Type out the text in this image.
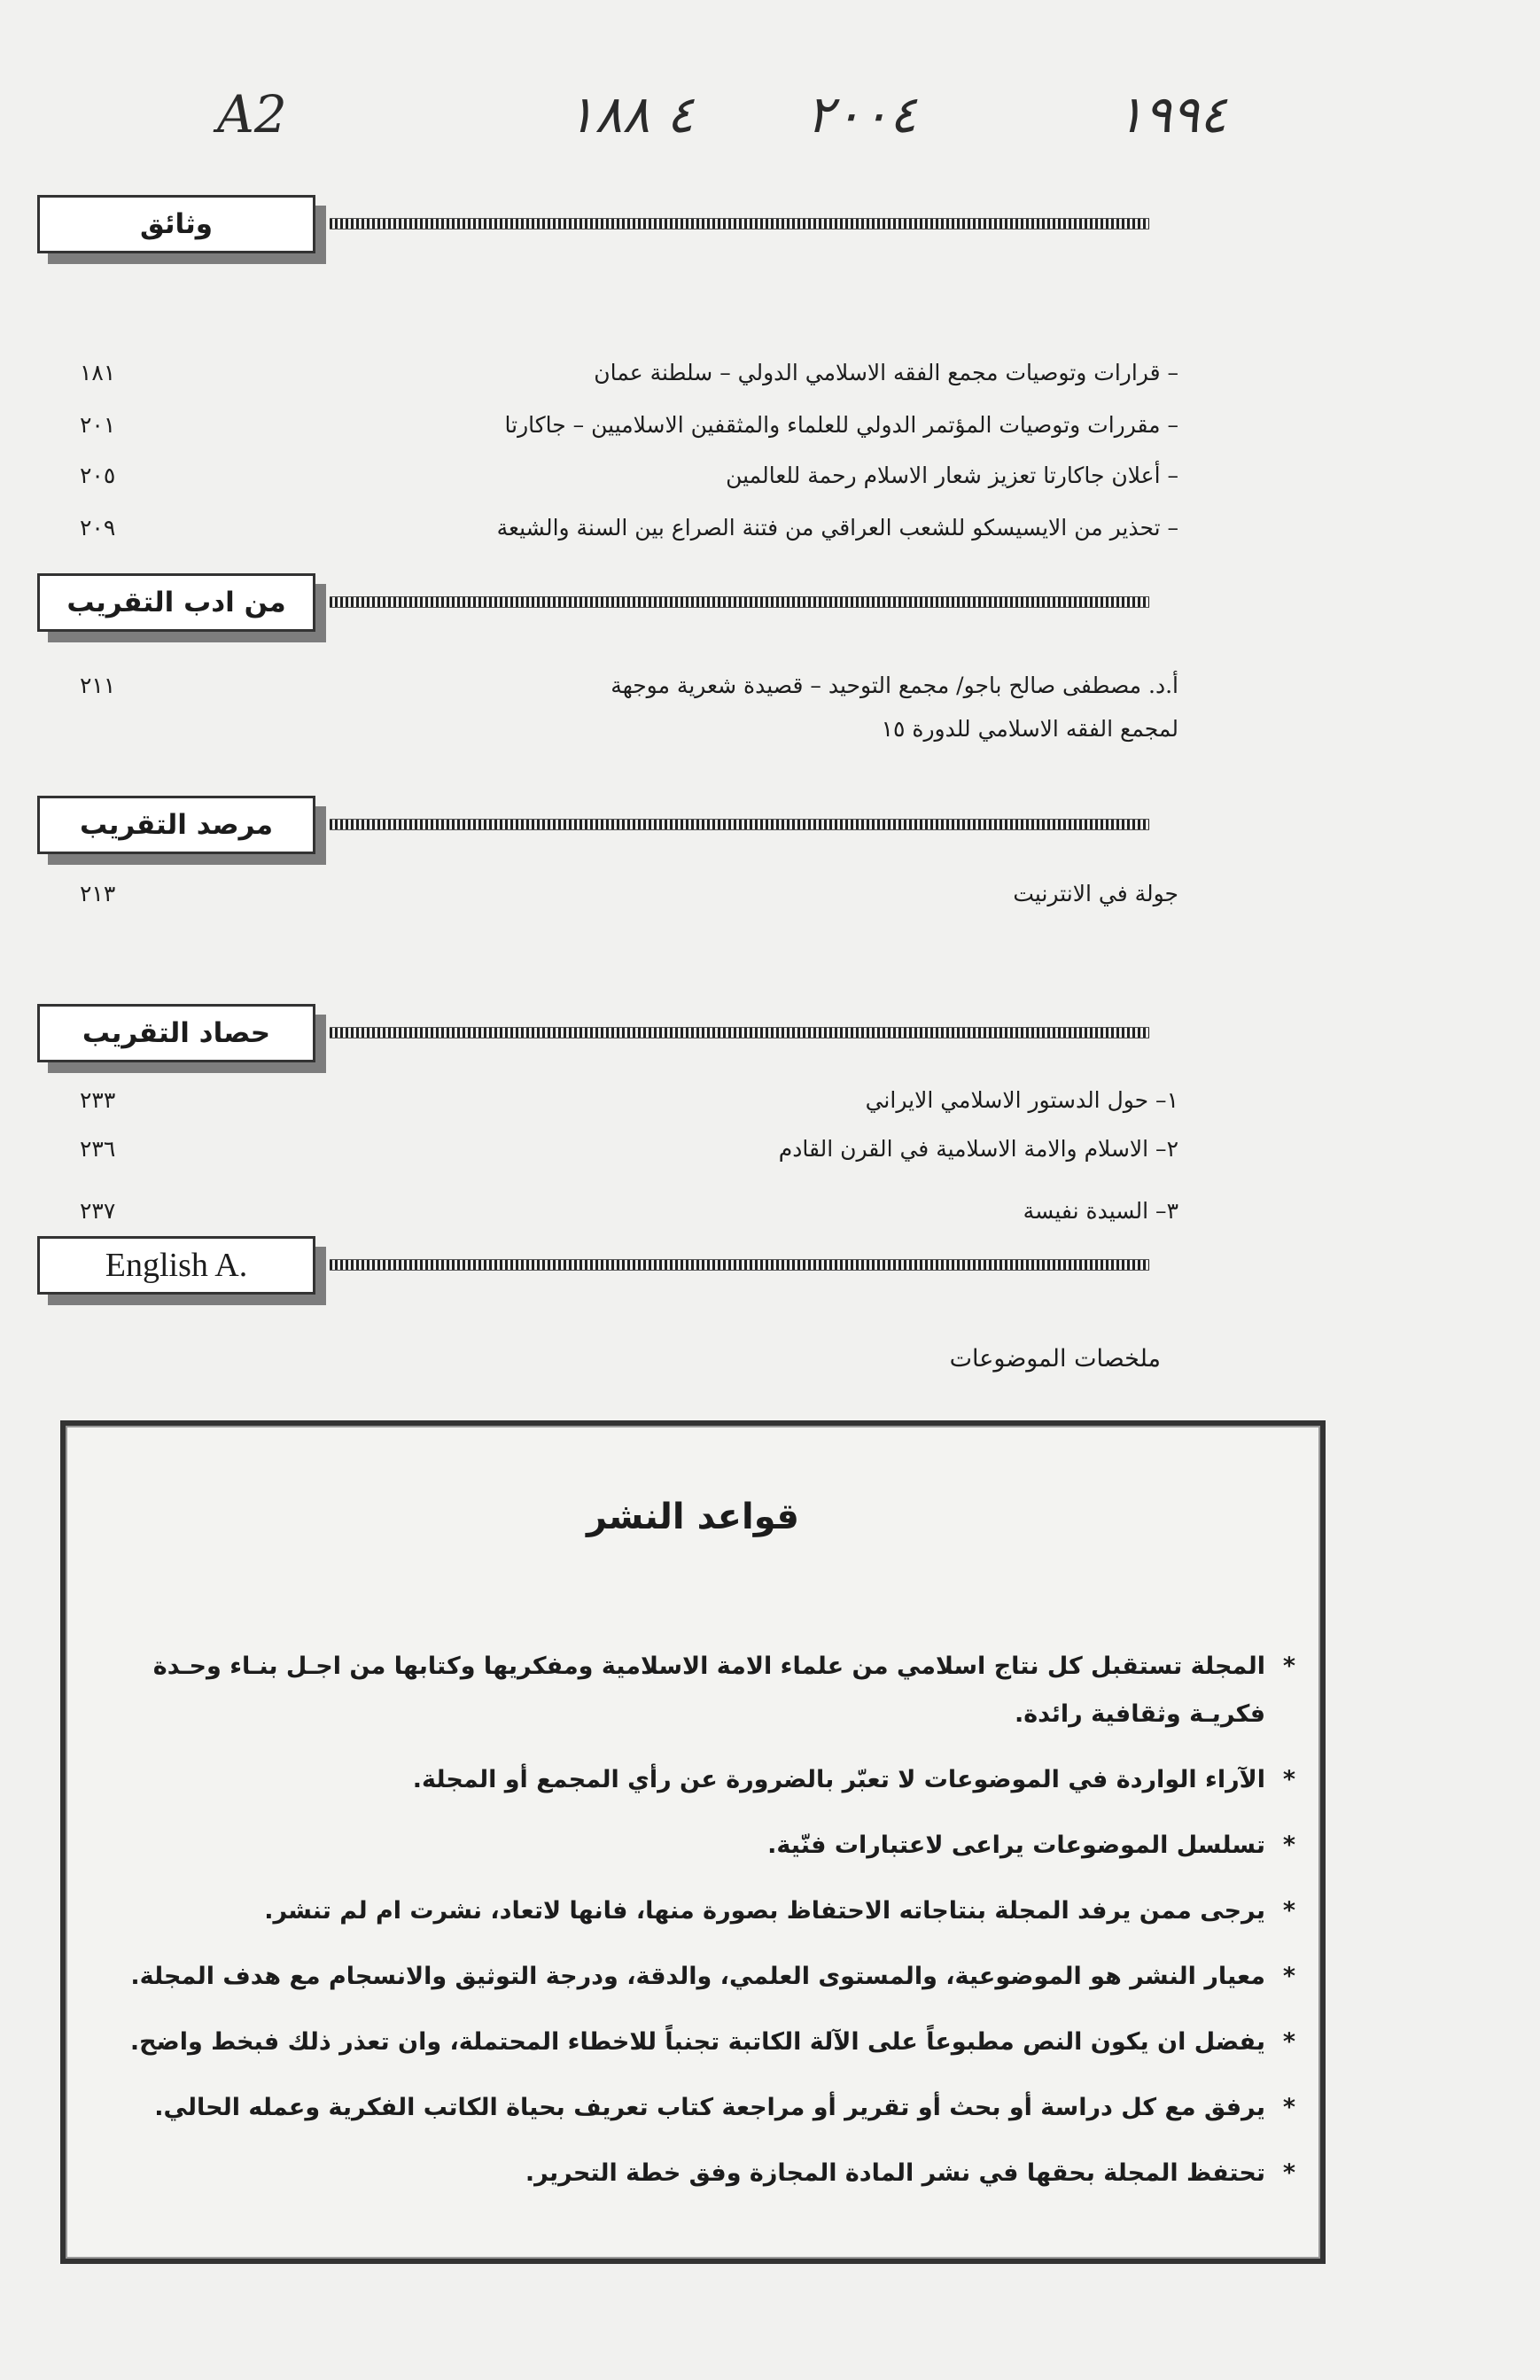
A2	٤ ١٨٨ ٢٠٠٤	١٩٩٤
وثائق
– قرارات وتوصيات مجمع الفقه الاسلامي الدولي – سلطنة عمان
١٨١
– مقررات وتوصيات المؤتمر الدولي للعلماء والمثقفين الاسلاميين – جاكارتا
٢٠١
– أعلان جاكارتا تعزيز شعار الاسلام رحمة للعالمين
٢٠٥
– تحذير من الايسيسكو للشعب العراقي من فتنة الصراع بين السنة والشيعة
٢٠٩
من ادب التقريب
أ.د. مصطفى صالح باجو/ مجمع التوحيد – قصيدة شعرية موجهة
٢١١
لمجمع الفقه الاسلامي للدورة ١٥
مرصد التقريب
جولة في الانترنيت
٢١٣
حصاد التقريب
١– حول الدستور الاسلامي الايراني
٢٣٣
٢– الاسلام والامة الاسلامية في القرن القادم
٢٣٦
٣– السيدة نفيسة
٢٣٧
English A.
ملخصات الموضوعات
قواعد النشر
* المجلة تستقبل كل نتاج اسلامي من علماء الامة الاسلامية ومفكريها وكتابها من اجـل بنـاء وحـدة فكريـة وثقافية رائدة.
* الآراء الواردة في الموضوعات لا تعبّر بالضرورة عن رأي المجمع أو المجلة.
* تسلسل الموضوعات يراعى لاعتبارات فنّية.
* يرجى ممن يرفد المجلة بنتاجاته الاحتفاظ بصورة منها، فانها لاتعاد، نشرت ام لم تنشر.
* معيار النشر هو الموضوعية، والمستوى العلمي، والدقة، ودرجة التوثيق والانسجام مع هدف المجلة.
* يفضل ان يكون النص مطبوعاً على الآلة الكاتبة تجنباً للاخطاء المحتملة، وان تعذر ذلك فبخط واضح.
* يرفق مع كل دراسة أو بحث أو تقرير أو مراجعة كتاب تعريف بحياة الكاتب الفكرية وعمله الحالي.
* تحتفظ المجلة بحقها في نشر المادة المجازة وفق خطة التحرير.
